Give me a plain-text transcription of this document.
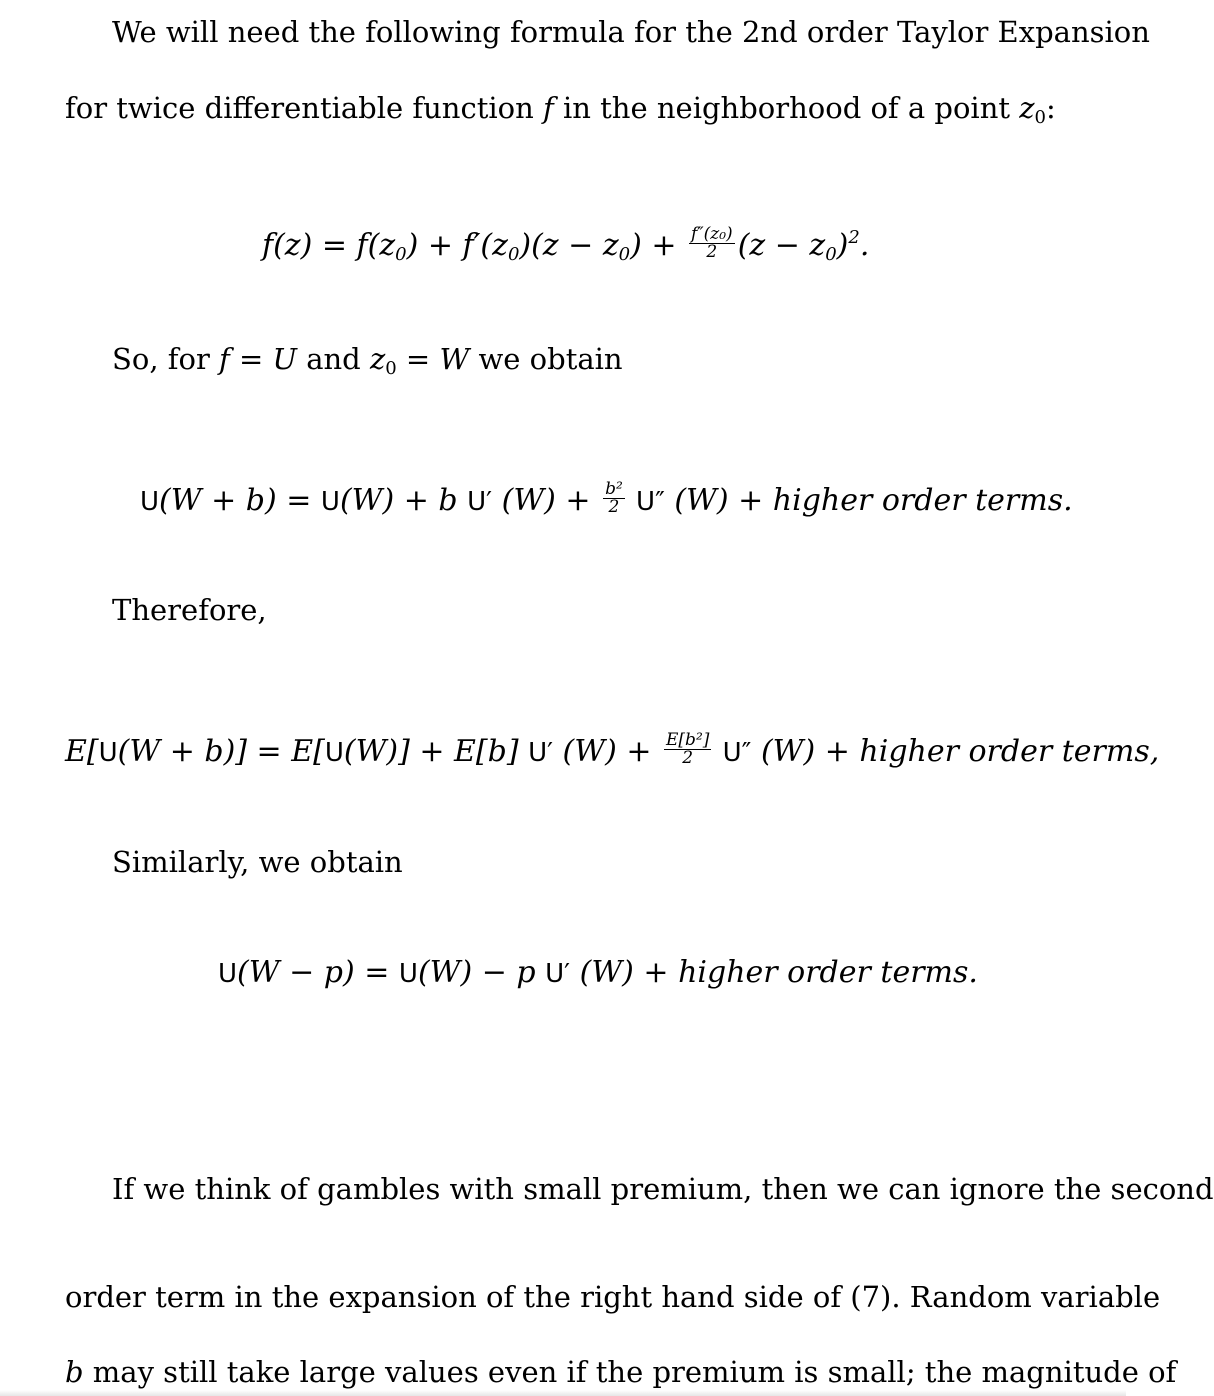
We will need the following formula for the 2nd order Taylor Expansion
for twice differentiable function f in the neighborhood of a point $z_0$:
$f(z) = f(z_0) + f'(z_0)(z - z_0) + \frac{\text{f″(z₀)}}{2} (z - z_0)^2$.
So, for f = U and $z_0 = W$ we obtain
U(W + b) = U(W) + b U′ $(W) + \frac{\text{b²}}{2} U''$ (W) + higher order terms.
Therefore,
E[U(W + b)] = E[U(W)] + E[b] U′ $(W) + \frac{\text{E[b²]}}{2} U''$ (W) + higher order terms,
Similarly, we obtain
U(W − p) = U(W) − p U′ (W) + higher order terms.
If we think of gambles with small premium, then we can ignore the second
order term in the expansion of the right hand side of (7). Random variable
b may still take large values even if the premium is small; the magnitude of
